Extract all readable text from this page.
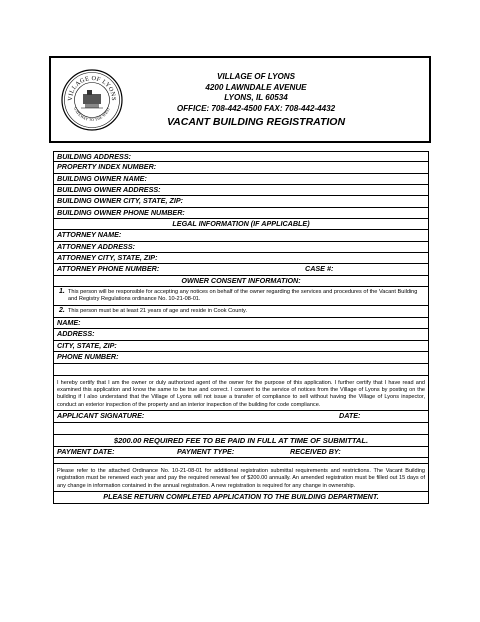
VILLAGE OF LYONS
GATEWAY TO THE WEST
VILLAGE OF LYONS
4200 LAWNDALE AVENUE
LYONS, IL 60534
OFFICE: 708-442-4500 FAX: 708-442-4432
VACANT BUILDING REGISTRATION
BUILDING ADDRESS:
PROPERTY INDEX NUMBER:
BUILDING OWNER NAME:
BUILDING OWNER ADDRESS:
BUILDING OWNER CITY, STATE, ZIP:
BUILDING OWNER PHONE NUMBER:
LEGAL INFORMATION (IF APPLICABLE)
ATTORNEY NAME:
ATTORNEY ADDRESS:
ATTORNEY CITY, STATE, ZIP:
ATTORNEY PHONE NUMBER:	CASE #:
OWNER CONSENT INFORMATION:
1. This person will be responsible for accepting any notices on behalf of the owner regarding the services and procedures of the Vacant Building and Registry Regulations ordinance No. 10-21-08-01.
2. This person must be at least 21 years of age and reside in Cook County.
NAME:
ADDRESS:
CITY, STATE, ZIP:
PHONE NUMBER:
I hereby certify that I am the owner or duly authorized agent of the owner for the purpose of this application. I further certify that I have read and examined this application and know the same to be true and correct. I consent to the service of notices from the Village of Lyons by posting on the building if I also understand that the Village of Lyons will not issue a transfer of compliance to sell without having the Village of Lyons inspector, conduct an exterior inspection of the property and an interior inspection of the building for code compliance.
APPLICANT SIGNATURE:	DATE:
$200.00 REQUIRED FEE TO BE PAID IN FULL AT TIME OF SUBMITTAL.
PAYMENT DATE:	PAYMENT TYPE:	RECEIVED BY:
Please refer to the attached Ordinance No. 10-21-08-01 for additional registration submittal requirements and restrictions. The Vacant Building registration must be renewed each year and pay the required renewal fee of $200.00 annually. An amended registration must be filled out 15 days of any change in information contained in the annual registration. A new registration is required for any change in ownership.
PLEASE RETURN COMPLETED APPLICATION TO THE BUILDING DEPARTMENT.
